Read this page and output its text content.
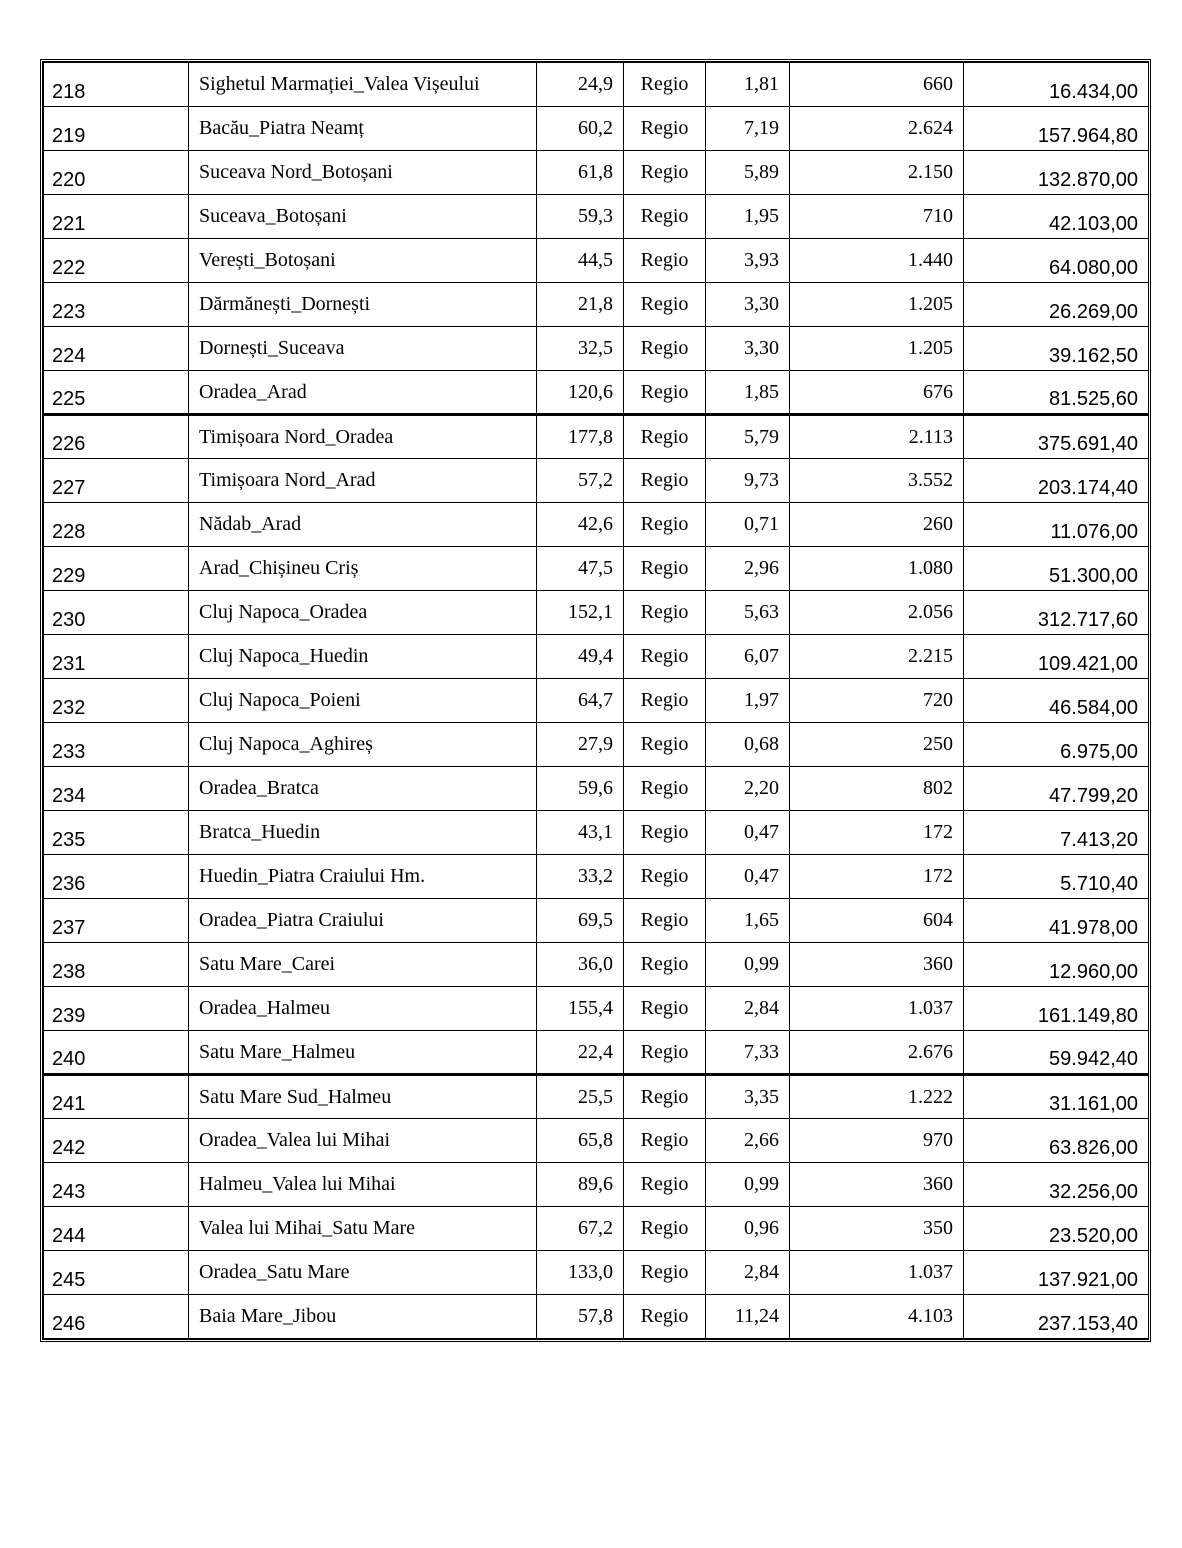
218	Sighetul Marmației_Valea Vișeului	24,9	Regio	1,81	660	16.434,00
219	Bacău_Piatra Neamț	60,2	Regio	7,19	2.624	157.964,80
220	Suceava Nord_Botoșani	61,8	Regio	5,89	2.150	132.870,00
221	Suceava_Botoșani	59,3	Regio	1,95	710	42.103,00
222	Verești_Botoșani	44,5	Regio	3,93	1.440	64.080,00
223	Dărmănești_Dornești	21,8	Regio	3,30	1.205	26.269,00
224	Dornești_Suceava	32,5	Regio	3,30	1.205	39.162,50
225	Oradea_Arad	120,6	Regio	1,85	676	81.525,60
226	Timișoara Nord_Oradea	177,8	Regio	5,79	2.113	375.691,40
227	Timișoara Nord_Arad	57,2	Regio	9,73	3.552	203.174,40
228	Nădab_Arad	42,6	Regio	0,71	260	11.076,00
229	Arad_Chișineu Criș	47,5	Regio	2,96	1.080	51.300,00
230	Cluj Napoca_Oradea	152,1	Regio	5,63	2.056	312.717,60
231	Cluj Napoca_Huedin	49,4	Regio	6,07	2.215	109.421,00
232	Cluj Napoca_Poieni	64,7	Regio	1,97	720	46.584,00
233	Cluj Napoca_Aghireș	27,9	Regio	0,68	250	6.975,00
234	Oradea_Bratca	59,6	Regio	2,20	802	47.799,20
235	Bratca_Huedin	43,1	Regio	0,47	172	7.413,20
236	Huedin_Piatra Craiului Hm.	33,2	Regio	0,47	172	5.710,40
237	Oradea_Piatra Craiului	69,5	Regio	1,65	604	41.978,00
238	Satu Mare_Carei	36,0	Regio	0,99	360	12.960,00
239	Oradea_Halmeu	155,4	Regio	2,84	1.037	161.149,80
240	Satu Mare_Halmeu	22,4	Regio	7,33	2.676	59.942,40
241	Satu Mare Sud_Halmeu	25,5	Regio	3,35	1.222	31.161,00
242	Oradea_Valea lui Mihai	65,8	Regio	2,66	970	63.826,00
243	Halmeu_Valea lui Mihai	89,6	Regio	0,99	360	32.256,00
244	Valea lui Mihai_Satu Mare	67,2	Regio	0,96	350	23.520,00
245	Oradea_Satu Mare	133,0	Regio	2,84	1.037	137.921,00
246	Baia Mare_Jibou	57,8	Regio	11,24	4.103	237.153,40
